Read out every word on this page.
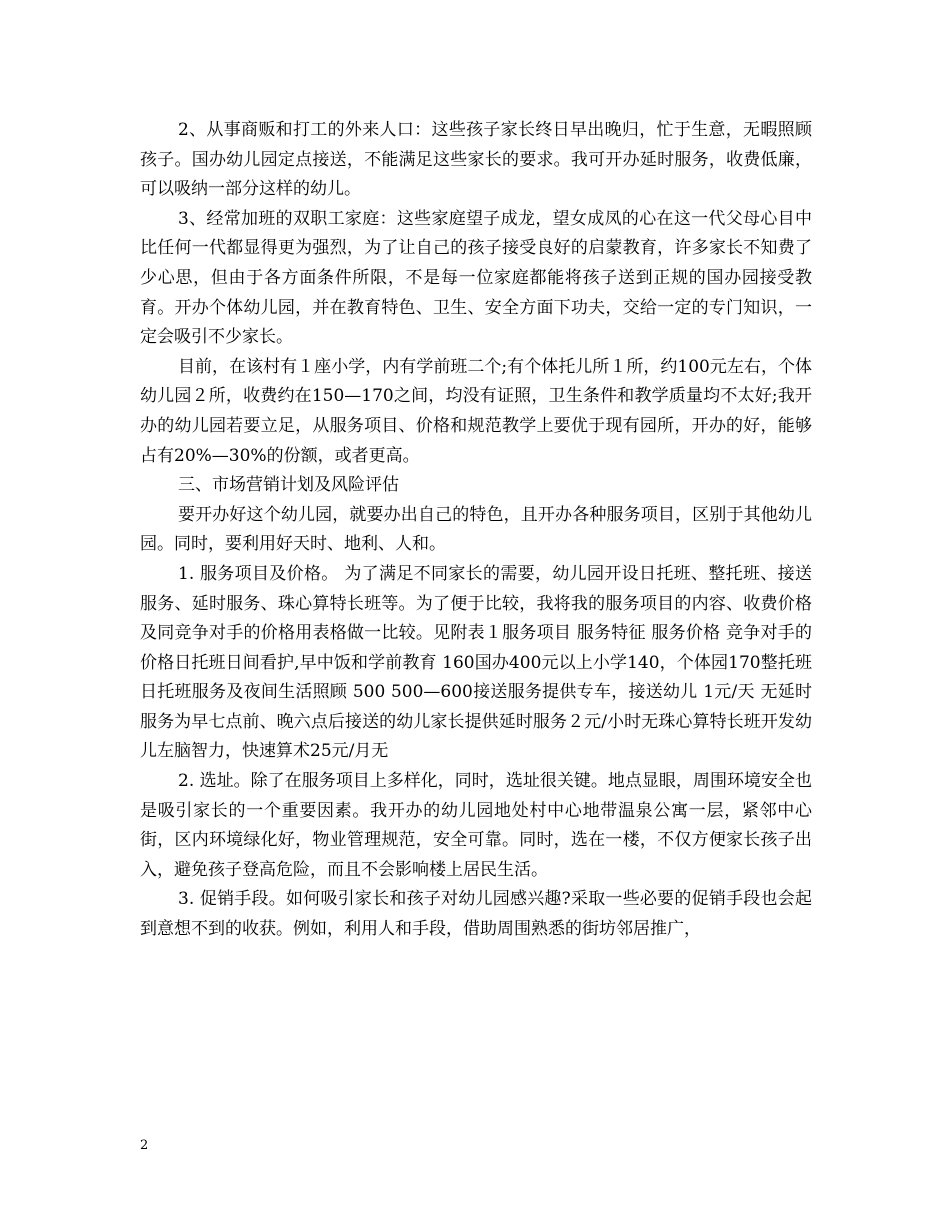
2、从事商贩和打工的外来人口：这些孩子家长终日早出晚归，忙于生意，无暇照顾孩子。国办幼儿园定点接送，不能满足这些家长的要求。我可开办延时服务，收费低廉，可以吸纳一部分这样的幼儿。

3、经常加班的双职工家庭：这些家庭望子成龙，望女成凤的心在这一代父母心目中比任何一代都显得更为强烈，为了让自己的孩子接受良好的启蒙教育，许多家长不知费了少心思，但由于各方面条件所限，不是每一位家庭都能将孩子送到正规的国办园接受教育。开办个体幼儿园，并在教育特色、卫生、安全方面下功夫，交给一定的专门知识，一定会吸引不少家长。

目前，在该村有１座小学，内有学前班二个;有个体托儿所１所，约100元左右，个体幼儿园２所，收费约在150—170之间，均没有证照，卫生条件和教学质量均不太好;我开办的幼儿园若要立足，从服务项目、价格和规范教学上要优于现有园所，开办的好，能够占有20%—30%的份额，或者更高。

三、市场营销计划及风险评估

要开办好这个幼儿园，就要办出自己的特色，且开办各种服务项目，区别于其他幼儿园。同时，要利用好天时、地利、人和。

1. 服务项目及价格。 为了满足不同家长的需要，幼儿园开设日托班、整托班、接送服务、延时服务、珠心算特长班等。为了便于比较，我将我的服务项目的内容、收费价格及同竞争对手的价格用表格做一比较。见附表１服务项目 服务特征 服务价格 竞争对手的价格日托班日间看护,早中饭和学前教育 160国办400元以上小学140，个体园170整托班日托班服务及夜间生活照顾 500 500—600接送服务提供专车，接送幼儿 1元/天 无延时服务为早七点前、晚六点后接送的幼儿家长提供延时服务２元/小时无珠心算特长班开发幼儿左脑智力，快速算术25元/月无

2. 选址。除了在服务项目上多样化，同时，选址很关键。地点显眼，周围环境安全也是吸引家长的一个重要因素。我开办的幼儿园地处村中心地带温泉公寓一层，紧邻中心街，区内环境绿化好，物业管理规范，安全可靠。同时，选在一楼，不仅方便家长孩子出入，避免孩子登高危险，而且不会影响楼上居民生活。

3. 促销手段。如何吸引家长和孩子对幼儿园感兴趣?采取一些必要的促销手段也会起到意想不到的收获。例如，利用人和手段，借助周围熟悉的街坊邻居推广，

2
